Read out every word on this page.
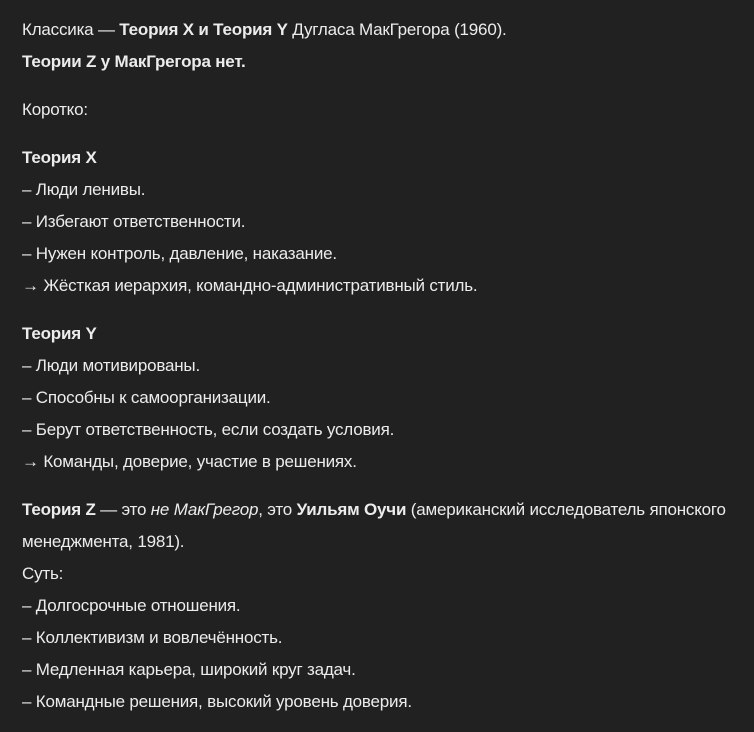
Классика — Теория X и Теория Y Дугласа МакГрегора (1960).
Теории Z у МакГрегора нет.
Коротко:
Теория X
– Люди ленивы.
– Избегают ответственности.
– Нужен контроль, давление, наказание.
→ Жёсткая иерархия, командно-административный стиль.
Теория Y
– Люди мотивированы.
– Способны к самоорганизации.
– Берут ответственность, если создать условия.
→ Команды, доверие, участие в решениях.
Теория Z — это не МакГрегор, это Уильям Оучи (американский исследователь японского менеджмента, 1981).
Суть:
– Долгосрочные отношения.
– Коллективизм и вовлечённость.
– Медленная карьера, широкий круг задач.
– Командные решения, высокий уровень доверия.
